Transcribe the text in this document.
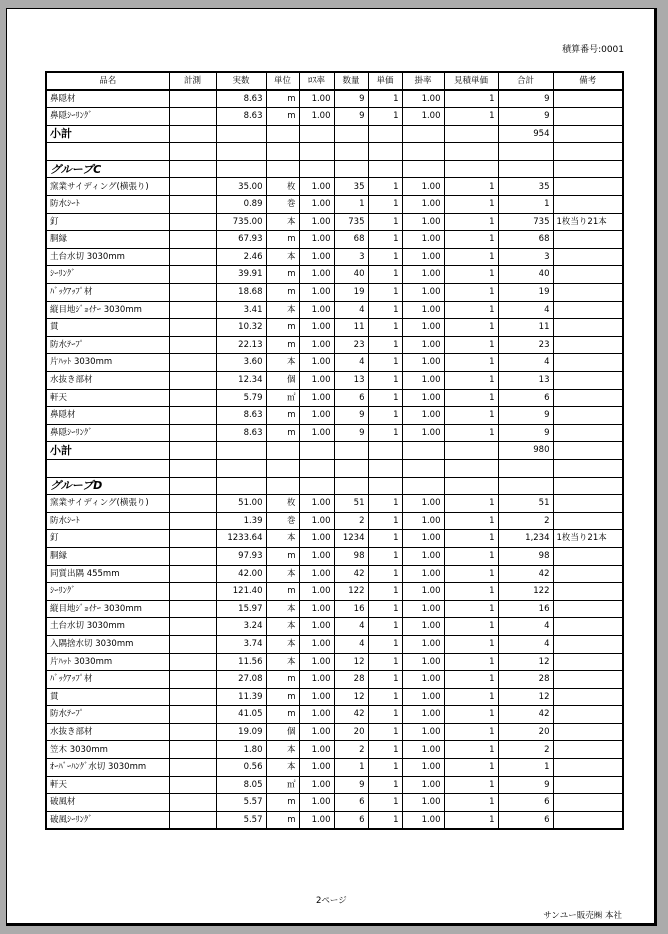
積算番号:0001
品名	計測	実数	単位	ﾛｽ率	数量	単価	掛率	見積単価	合計	備考
鼻隠材		8.63	m	1.00	9	1	1.00	1	9	
鼻隠ｼｰﾘﾝｸﾞ		8.63	m	1.00	9	1	1.00	1	9	
小計									954	

グループC										
窯業サイディング(横張り)		35.00	枚	1.00	35	1	1.00	1	35	
防水ｼｰﾄ		0.89	巻	1.00	1	1	1.00	1	1	
釘		735.00	本	1.00	735	1	1.00	1	735	1枚当り21本
胴縁		67.93	m	1.00	68	1	1.00	1	68	
土台水切 3030mm		2.46	本	1.00	3	1	1.00	1	3	
ｼｰﾘﾝｸﾞ		39.91	m	1.00	40	1	1.00	1	40	
ﾊﾞｯｸｱｯﾌﾟ材		18.68	m	1.00	19	1	1.00	1	19	
縦目地ｼﾞｮｲﾅｰ 3030mm		3.41	本	1.00	4	1	1.00	1	4	
貫		10.32	m	1.00	11	1	1.00	1	11	
防水ﾃｰﾌﾟ		22.13	m	1.00	23	1	1.00	1	23	
片ﾊｯﾄ 3030mm		3.60	本	1.00	4	1	1.00	1	4	
水抜き部材		12.34	個	1.00	13	1	1.00	1	13	
軒天		5.79	㎡	1.00	6	1	1.00	1	6	
鼻隠材		8.63	m	1.00	9	1	1.00	1	9	
鼻隠ｼｰﾘﾝｸﾞ		8.63	m	1.00	9	1	1.00	1	9	
小計									980	

グループD										
窯業サイディング(横張り)		51.00	枚	1.00	51	1	1.00	1	51	
防水ｼｰﾄ		1.39	巻	1.00	2	1	1.00	1	2	
釘		1233.64	本	1.00	1234	1	1.00	1	1,234	1枚当り21本
胴縁		97.93	m	1.00	98	1	1.00	1	98	
同質出隅 455mm		42.00	本	1.00	42	1	1.00	1	42	
ｼｰﾘﾝｸﾞ		121.40	m	1.00	122	1	1.00	1	122	
縦目地ｼﾞｮｲﾅｰ 3030mm		15.97	本	1.00	16	1	1.00	1	16	
土台水切 3030mm		3.24	本	1.00	4	1	1.00	1	4	
入隅捨水切 3030mm		3.74	本	1.00	4	1	1.00	1	4	
片ﾊｯﾄ 3030mm		11.56	本	1.00	12	1	1.00	1	12	
ﾊﾞｯｸｱｯﾌﾟ材		27.08	m	1.00	28	1	1.00	1	28	
貫		11.39	m	1.00	12	1	1.00	1	12	
防水ﾃｰﾌﾟ		41.05	m	1.00	42	1	1.00	1	42	
水抜き部材		19.09	個	1.00	20	1	1.00	1	20	
笠木 3030mm		1.80	本	1.00	2	1	1.00	1	2	
ｵｰﾊﾞｰﾊﾝｸﾞ水切 3030mm		0.56	本	1.00	1	1	1.00	1	1	
軒天		8.05	㎡	1.00	9	1	1.00	1	9	
破風材		5.57	m	1.00	6	1	1.00	1	6	
破風ｼｰﾘﾝｸﾞ		5.57	m	1.00	6	1	1.00	1	6	
2ページ
サンユー販売㈱ 本社
